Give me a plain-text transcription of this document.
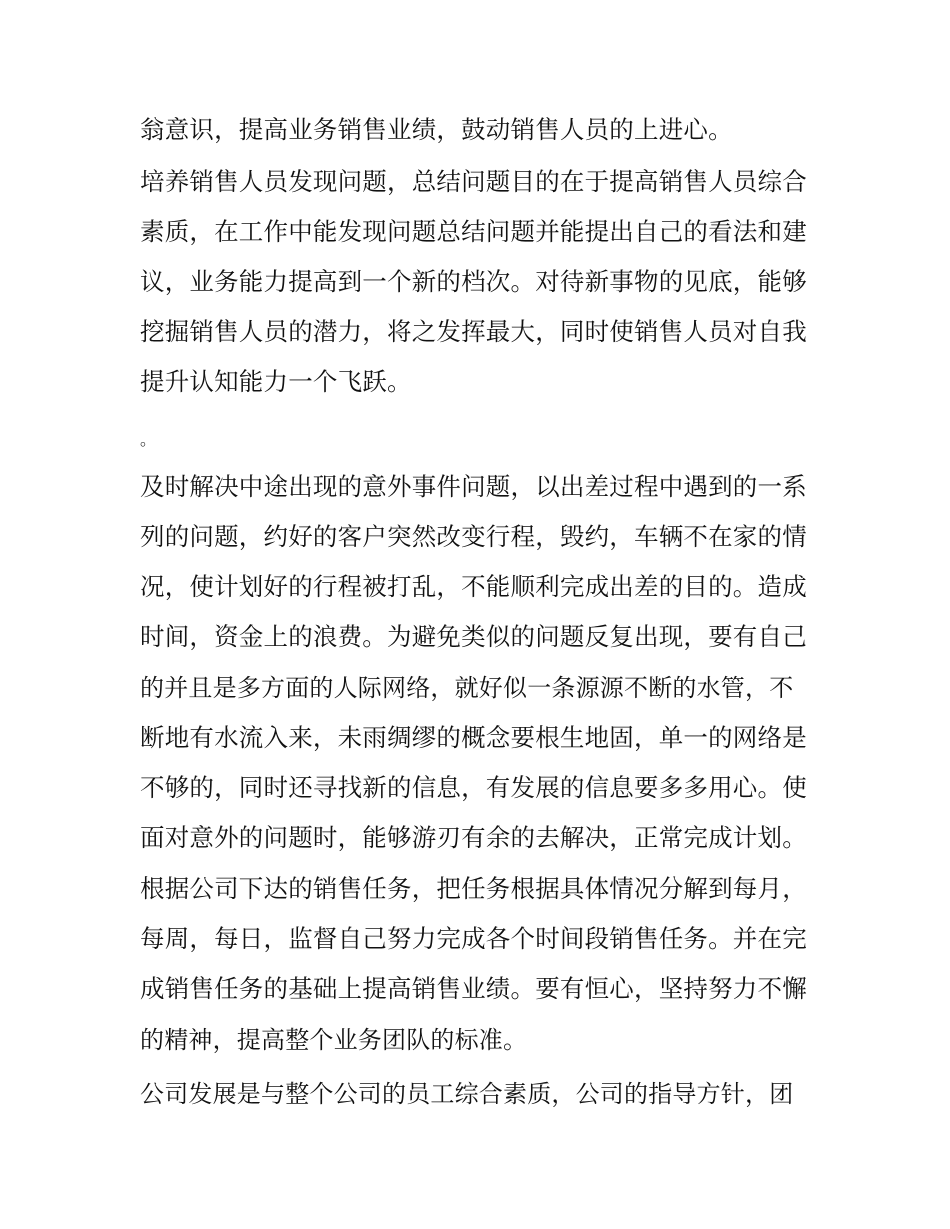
翁意识，提高业务销售业绩，鼓动销售人员的上进心。
培养销售人员发现问题，总结问题目的在于提高销售人员综合
素质，在工作中能发现问题总结问题并能提出自己的看法和建
议，业务能力提高到一个新的档次。对待新事物的见底，能够
挖掘销售人员的潜力，将之发挥最大，同时使销售人员对自我
提升认知能力一个飞跃。
。
及时解决中途出现的意外事件问题，以出差过程中遇到的一系
列的问题，约好的客户突然改变行程，毁约，车辆不在家的情
况，使计划好的行程被打乱，不能顺利完成出差的目的。造成
时间，资金上的浪费。为避免类似的问题反复出现，要有自己
的并且是多方面的人际网络，就好似一条源源不断的水管，不
断地有水流入来，未雨绸缪的概念要根生地固，单一的网络是
不够的，同时还寻找新的信息，有发展的信息要多多用心。使
面对意外的问题时，能够游刃有余的去解决，正常完成计划。
根据公司下达的销售任务，把任务根据具体情况分解到每月，
每周，每日，监督自己努力完成各个时间段销售任务。并在完
成销售任务的基础上提高销售业绩。要有恒心，坚持努力不懈
的精神，提高整个业务团队的标准。
公司发展是与整个公司的员工综合素质，公司的指导方针，团
